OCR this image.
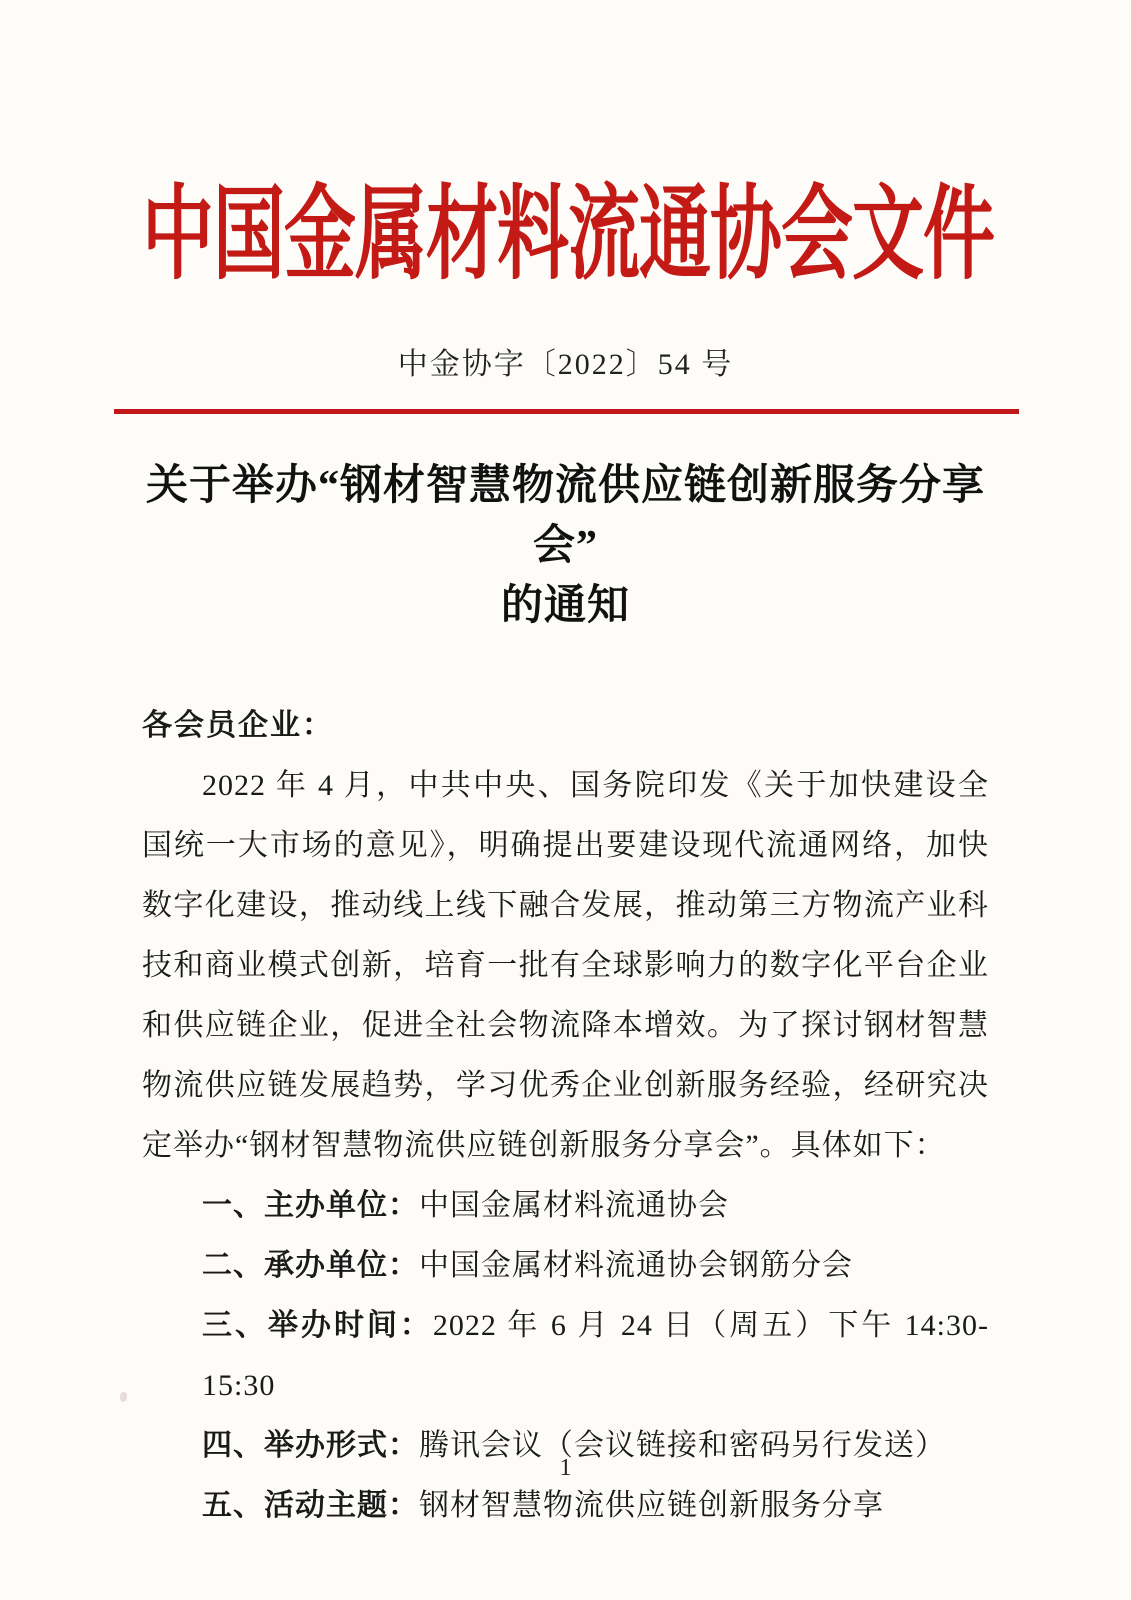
中国金属材料流通协会文件
中金协字〔2022〕54 号
关于举办“钢材智慧物流供应链创新服务分享会”
的通知
各会员企业：

2022 年 4 月，中共中央、国务院印发《关于加快建设全国统一大市场的意见》，明确提出要建设现代流通网络，加快数字化建设，推动线上线下融合发展，推动第三方物流产业科技和商业模式创新，培育一批有全球影响力的数字化平台企业和供应链企业，促进全社会物流降本增效。为了探讨钢材智慧物流供应链发展趋势，学习优秀企业创新服务经验，经研究决定举办“钢材智慧物流供应链创新服务分享会”。具体如下：

一、主办单位：中国金属材料流通协会
二、承办单位：中国金属材料流通协会钢筋分会
三、举办时间：2022 年 6 月 24 日（周五）下午 14:30-15:30
四、举办形式：腾讯会议（会议链接和密码另行发送）
五、活动主题：钢材智慧物流供应链创新服务分享
1
